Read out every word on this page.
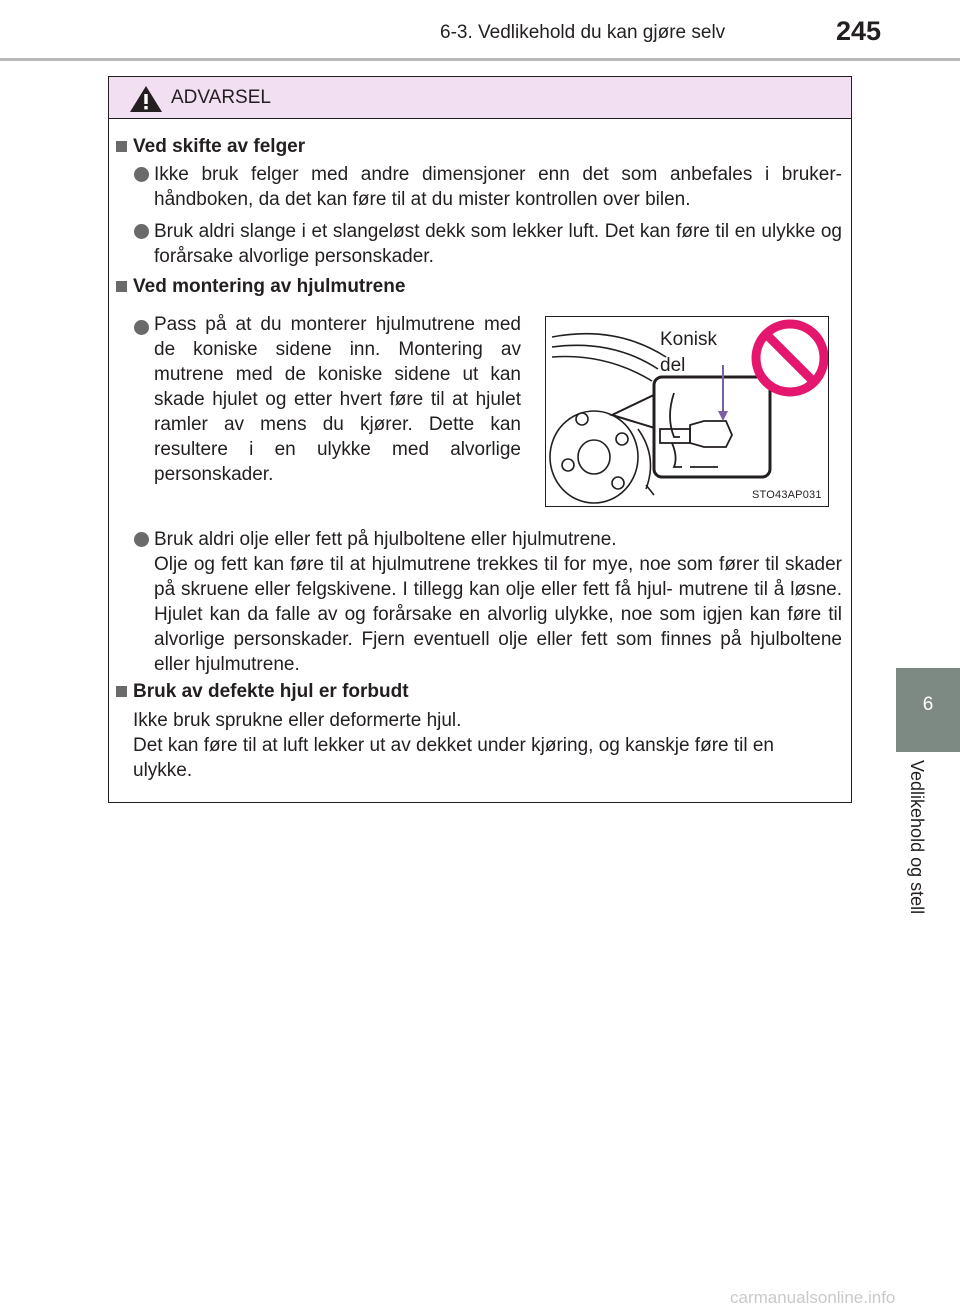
6-3. Vedlikehold du kan gjøre selv	245
6
Vedlikehold og stell
ADVARSEL
Ved skifte av felger
Ikke bruk felger med andre dimensjoner enn det som anbefales i bruker- håndboken, da det kan føre til at du mister kontrollen over bilen.
Bruk aldri slange i et slangeløst dekk som lekker luft. Det kan føre til en ulykke og forårsake alvorlige personskader.
Ved montering av hjulmutrene
Pass på at du monterer hjulmutrene med de koniske sidene inn. Montering av mutrene med de koniske sidene ut kan skade hjulet og etter hvert føre til at hjulet ramler av mens du kjører. Dette kan resultere i en ulykke med alvorlige personskader.
Konisk
del
STO43AP031
Bruk aldri olje eller fett på hjulboltene eller hjulmutrene.
Olje og fett kan føre til at hjulmutrene trekkes til for mye, noe som fører til skader på skruene eller felgskivene. I tillegg kan olje eller fett få hjul- mutrene til å løsne. Hjulet kan da falle av og forårsake en alvorlig ulykke, noe som igjen kan føre til alvorlige personskader. Fjern eventuell olje eller fett som finnes på hjulboltene eller hjulmutrene.
Bruk av defekte hjul er forbudt
Ikke bruk sprukne eller deformerte hjul.
Det kan føre til at luft lekker ut av dekket under kjøring, og kanskje føre til en ulykke.
carmanualsonline.info
